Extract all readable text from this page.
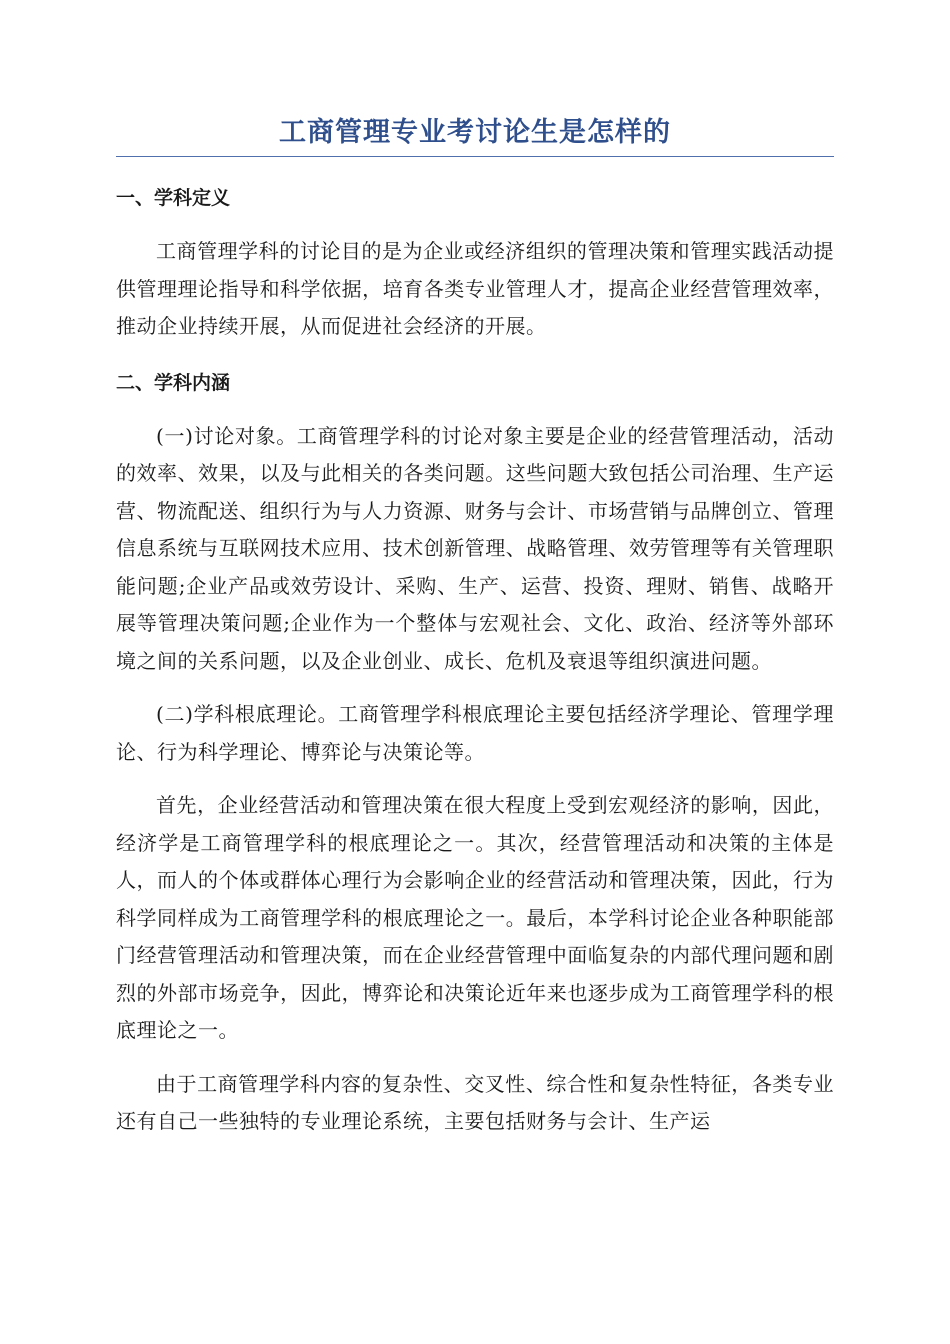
工商管理专业考讨论生是怎样的
一、学科定义

工商管理学科的讨论目的是为企业或经济组织的管理决策和管理实践活动提供管理理论指导和科学依据，培育各类专业管理人才，提高企业经营管理效率，推动企业持续开展，从而促进社会经济的开展。

二、学科内涵

(一)讨论对象。工商管理学科的讨论对象主要是企业的经营管理活动，活动的效率、效果，以及与此相关的各类问题。这些问题大致包括公司治理、生产运营、物流配送、组织行为与人力资源、财务与会计、市场营销与品牌创立、管理信息系统与互联网技术应用、技术创新管理、战略管理、效劳管理等有关管理职能问题;企业产品或效劳设计、采购、生产、运营、投资、理财、销售、战略开展等管理决策问题;企业作为一个整体与宏观社会、文化、政治、经济等外部环境之间的关系问题，以及企业创业、成长、危机及衰退等组织演进问题。

(二)学科根底理论。工商管理学科根底理论主要包括经济学理论、管理学理论、行为科学理论、博弈论与决策论等。

首先，企业经营活动和管理决策在很大程度上受到宏观经济的影响，因此，经济学是工商管理学科的根底理论之一。其次，经营管理活动和决策的主体是人，而人的个体或群体心理行为会影响企业的经营活动和管理决策，因此，行为科学同样成为工商管理学科的根底理论之一。最后，本学科讨论企业各种职能部门经营管理活动和管理决策，而在企业经营管理中面临复杂的内部代理问题和剧烈的外部市场竞争，因此，博弈论和决策论近年来也逐步成为工商管理学科的根底理论之一。

由于工商管理学科内容的复杂性、交叉性、综合性和复杂性特征，各类专业还有自己一些独特的专业理论系统，主要包括财务与会计、生产运
